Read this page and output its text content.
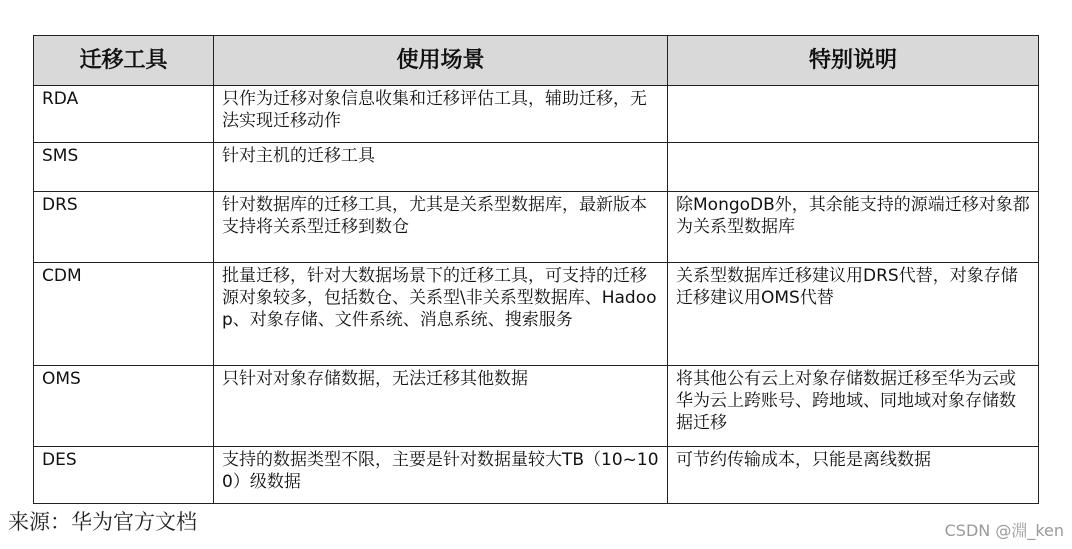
迁移工具	使用场景	特别说明
RDA	只作为迁移对象信息收集和迁移评估工具，辅助迁移，无法实现迁移动作	
SMS	针对主机的迁移工具	
DRS	针对数据库的迁移工具，尤其是关系型数据库，最新版本支持将关系型迁移到数仓	除MongoDB外，其余能支持的源端迁移对象都为关系型数据库
CDM	批量迁移，针对大数据场景下的迁移工具，可支持的迁移源对象较多，包括数仓、关系型\非关系型数据库、Hadoop、对象存储、文件系统、消息系统、搜索服务	关系型数据库迁移建议用DRS代替，对象存储迁移建议用OMS代替
OMS	只针对对象存储数据，无法迁移其他数据	将其他公有云上对象存储数据迁移至华为云或华为云上跨账号、跨地域、同地域对象存储数据迁移
DES	支持的数据类型不限，主要是针对数据量较大TB（10~100）级数据	可节约传输成本，只能是离线数据
来源：华为官方文档	CSDN @淵_ken
